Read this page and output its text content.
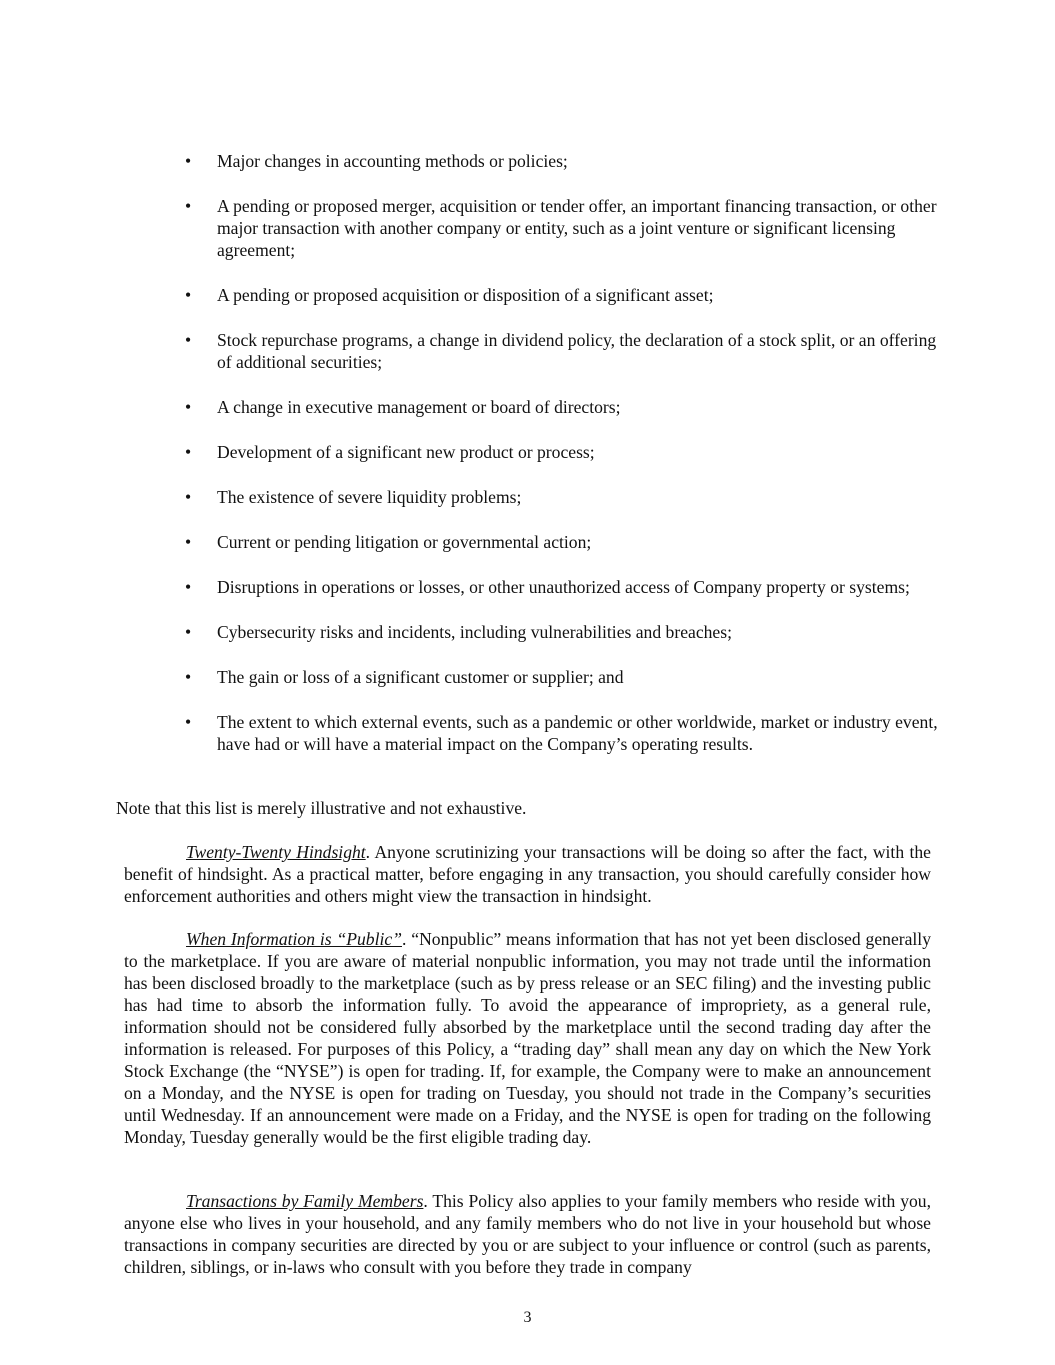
•	Major changes in accounting methods or policies;
•	A pending or proposed merger, acquisition or tender offer, an important financing transaction, or other major transaction with another company or entity, such as a joint venture or significant licensing agreement;
•	A pending or proposed acquisition or disposition of a significant asset;
•	Stock repurchase programs, a change in dividend policy, the declaration of a stock split, or an offering of additional securities;
•	A change in executive management or board of directors;
•	Development of a significant new product or process;
•	The existence of severe liquidity problems;
•	Current or pending litigation or governmental action;
•	Disruptions in operations or losses, or other unauthorized access of Company property or systems;
•	Cybersecurity risks and incidents, including vulnerabilities and breaches;
•	The gain or loss of a significant customer or supplier; and
•	The extent to which external events, such as a pandemic or other worldwide, market or industry event, have had or will have a material impact on the Company’s operating results.

Note that this list is merely illustrative and not exhaustive.

Twenty-Twenty Hindsight. Anyone scrutinizing your transactions will be doing so after the fact, with the benefit of hindsight. As a practical matter, before engaging in any transaction, you should carefully consider how enforcement authorities and others might view the transaction in hindsight.

When Information is “Public”. “Nonpublic” means information that has not yet been disclosed generally to the marketplace. If you are aware of material nonpublic information, you may not trade until the information has been disclosed broadly to the marketplace (such as by press release or an SEC filing) and the investing public has had time to absorb the information fully. To avoid the appearance of impropriety, as a general rule, information should not be considered fully absorbed by the marketplace until the second trading day after the information is released. For purposes of this Policy, a “trading day” shall mean any day on which the New York Stock Exchange (the “NYSE”) is open for trading. If, for example, the Company were to make an announcement on a Monday, and the NYSE is open for trading on Tuesday, you should not trade in the Company’s securities until Wednesday. If an announcement were made on a Friday, and the NYSE is open for trading on the following Monday, Tuesday generally would be the first eligible trading day.

Transactions by Family Members. This Policy also applies to your family members who reside with you, anyone else who lives in your household, and any family members who do not live in your household but whose transactions in company securities are directed by you or are subject to your influence or control (such as parents, children, siblings, or in-laws who consult with you before they trade in company

3
